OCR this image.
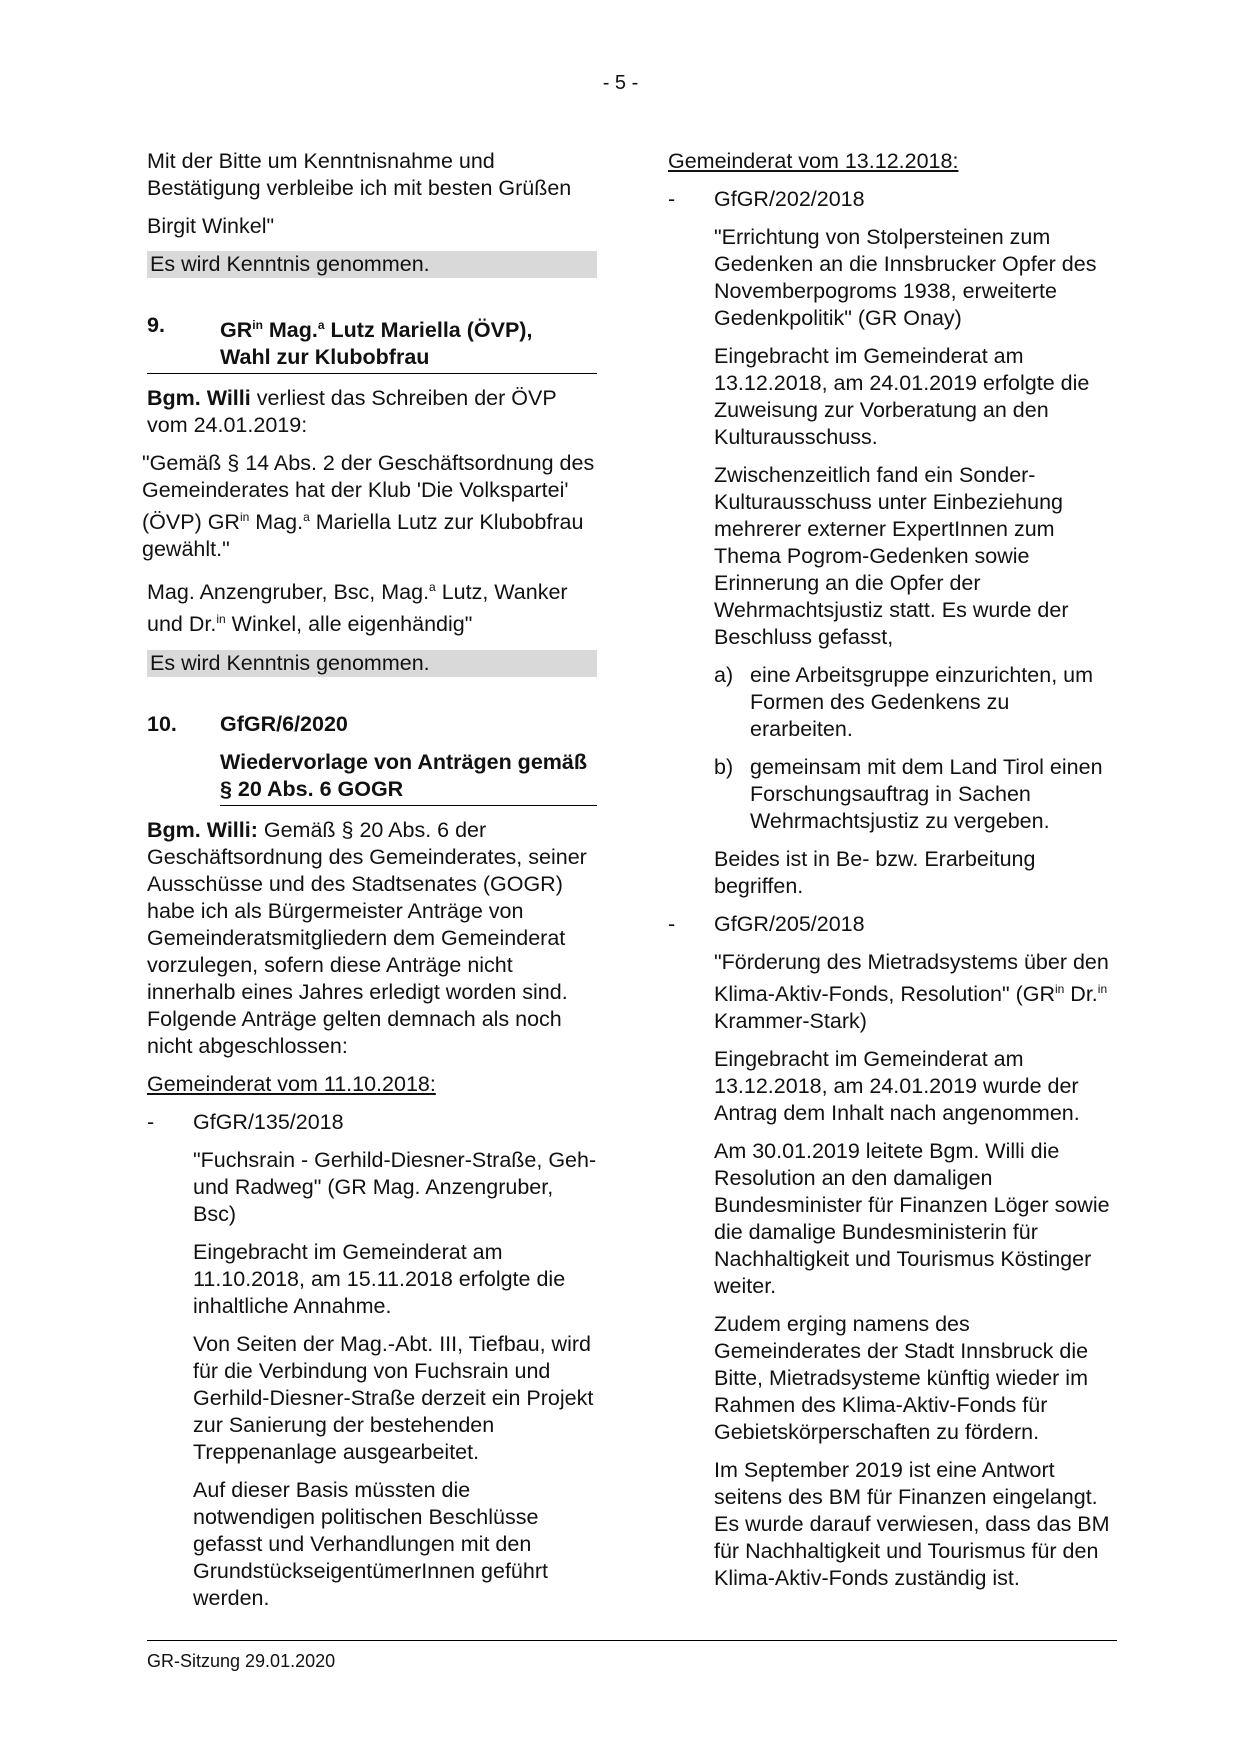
- 5 -

Mit der Bitte um Kenntnisnahme und Bestätigung verbleibe ich mit besten Grüßen

Birgit Winkel"

Es wird Kenntnis genommen.
9.	$GR^{in}$ Mag.$^a$ Lutz Mariella (ÖVP),
Wahl zur Klubobfrau

Bgm. Willi verliest das Schreiben der ÖVP vom 24.01.2019:

"Gemäß § 14 Abs. 2 der Geschäftsordnung des Gemeinderates hat der Klub 'Die Volkspartei' (ÖVP) $GR^{in}$ Mag.$^a$ Mariella Lutz zur Klubobfrau gewählt."

Mag. Anzengruber, Bsc, Mag.$^a$ Lutz, Wanker und Dr.$^{in}$ Winkel, alle eigenhändig"

Es wird Kenntnis genommen.
10.	GfGR/6/2020
Wiedervorlage von Anträgen gemäß § 20 Abs. 6 GOGR

Bgm. Willi: Gemäß § 20 Abs. 6 der Geschäftsordnung des Gemeinderates, seiner Ausschüsse und des Stadtsenates (GOGR) habe ich als Bürgermeister Anträge von Gemeinderatsmitgliedern dem Gemeinderat vorzulegen, sofern diese Anträge nicht innerhalb eines Jahres erledigt worden sind. Folgende Anträge gelten demnach als noch nicht abgeschlossen:

Gemeinderat vom 11.10.2018:

-	GfGR/135/2018

"Fuchsrain - Gerhild-Diesner-Straße, Geh- und Radweg" (GR Mag. Anzengruber, Bsc)

Eingebracht im Gemeinderat am 11.10.2018, am 15.11.2018 erfolgte die inhaltliche Annahme.

Von Seiten der Mag.-Abt. III, Tiefbau, wird für die Verbindung von Fuchsrain und Gerhild-Diesner-Straße derzeit ein Projekt zur Sanierung der bestehenden Treppenanlage ausgearbeitet.

Auf dieser Basis müssten die notwendigen politischen Beschlüsse gefasst und Verhandlungen mit den GrundstückseigentümerInnen geführt werden.

Gemeinderat vom 13.12.2018:

-	GfGR/202/2018

"Errichtung von Stolpersteinen zum Gedenken an die Innsbrucker Opfer des Novemberpogroms 1938, erweiterte Gedenkpolitik" (GR Onay)

Eingebracht im Gemeinderat am 13.12.2018, am 24.01.2019 erfolgte die Zuweisung zur Vorberatung an den Kulturausschuss.

Zwischenzeitlich fand ein Sonder-Kulturausschuss unter Einbeziehung mehrerer externer ExpertInnen zum Thema Pogrom-Gedenken sowie Erinnerung an die Opfer der Wehrmachtsjustiz statt. Es wurde der Beschluss gefasst,

a) eine Arbeitsgruppe einzurichten, um Formen des Gedenkens zu erarbeiten.
b) gemeinsam mit dem Land Tirol einen Forschungsauftrag in Sachen Wehrmachtsjustiz zu vergeben.

Beides ist in Be- bzw. Erarbeitung begriffen.

-	GfGR/205/2018

"Förderung des Mietradsystems über den Klima-Aktiv-Fonds, Resolution" ($GR^{in}$ Dr.$^{in}$ Krammer-Stark)

Eingebracht im Gemeinderat am 13.12.2018, am 24.01.2019 wurde der Antrag dem Inhalt nach angenommen.

Am 30.01.2019 leitete Bgm. Willi die Resolution an den damaligen Bundesminister für Finanzen Löger sowie die damalige Bundesministerin für Nachhaltigkeit und Tourismus Köstinger weiter.

Zudem erging namens des Gemeinderates der Stadt Innsbruck die Bitte, Mietradsysteme künftig wieder im Rahmen des Klima-Aktiv-Fonds für Gebietskörperschaften zu fördern.

Im September 2019 ist eine Antwort seitens des BM für Finanzen eingelangt. Es wurde darauf verwiesen, dass das BM für Nachhaltigkeit und Tourismus für den Klima-Aktiv-Fonds zuständig ist.

GR-Sitzung 29.01.2020
